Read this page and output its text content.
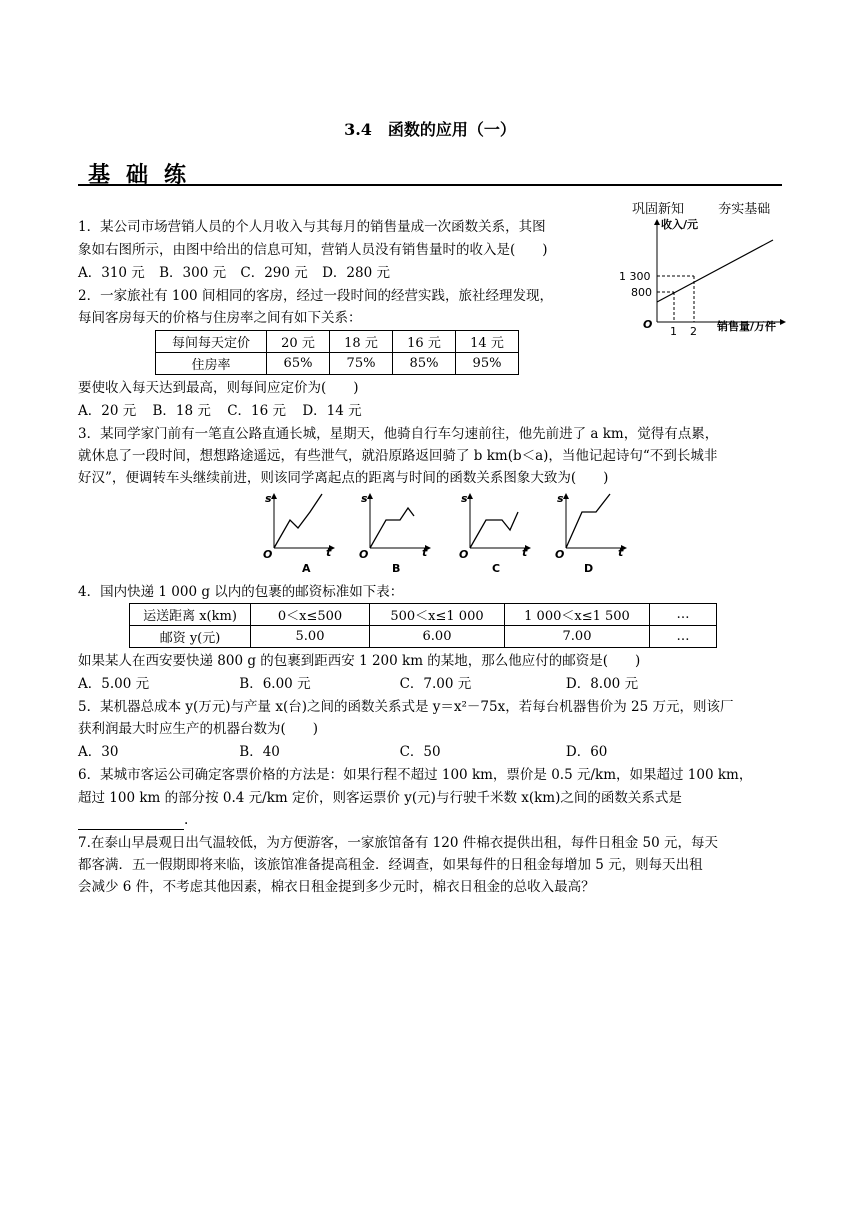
3.4　函数的应用（一）
基础练
巩固新知	夯实基础
收入/元
销售量/万件
O
1 300
800
1 2
1．某公司市场营销人员的个人月收入与其每月的销售量成一次函数关系，其图
象如右图所示，由图中给出的信息可知，营销人员没有销售量时的收入是(　　)
A．310 元 B．300 元 C．290 元 D．280 元
2．一家旅社有 100 间相同的客房，经过一段时间的经营实践，旅社经理发现，
每间客房每天的价格与住房率之间有如下关系：
每间每天定价	20 元	18 元	16 元	14 元
住房率	65%	75%	85%	95%
要使收入每天达到最高，则每间应定价为(　　)
A．20 元 B．18 元 C．16 元 D．14 元
3．某同学家门前有一笔直公路直通长城，星期天，他骑自行车匀速前往，他先前进了 a km，觉得有点累，
就休息了一段时间，想想路途遥远，有些泄气，就沿原路返回骑了 b km(b＜a)，当他记起诗句“不到长城非
好汉”，便调转车头继续前进，则该同学离起点的距离与时间的函数关系图象大致为(　　)
s
t
O
A
s
t
O
B
s
t
O
C
s
t
O
D
4．国内快递 1 000 g 以内的包裹的邮资标准如下表：
运送距离 x(km)	0＜x≤500	500＜x≤1 000	1 000＜x≤1 500	…
邮资 y(元)	5.00	6.00	7.00	…
如果某人在西安要快递 800 g 的包裹到距西安 1 200 km 的某地，那么他应付的邮资是(　　)
A．5.00 元	B．6.00 元	C．7.00 元	D．8.00 元
5．某机器总成本 y(万元)与产量 x(台)之间的函数关系式是 y＝x²－75x，若每台机器售价为 25 万元，则该厂
获利润最大时应生产的机器台数为(　　)
A．30	B．40	C．50	D．60
6．某城市客运公司确定客票价格的方法是：如果行程不超过 100 km，票价是 0.5 元/km，如果超过 100 km，
超过 100 km 的部分按 0.4 元/km 定价，则客运票价 y(元)与行驶千米数 x(km)之间的函数关系式是
.
7.在泰山早晨观日出气温较低，为方便游客，一家旅馆备有 120 件棉衣提供出租，每件日租金 50 元，每天
都客满．五一假期即将来临，该旅馆准备提高租金．经调查，如果每件的日租金每增加 5 元，则每天出租
会减少 6 件，不考虑其他因素，棉衣日租金提到多少元时，棉衣日租金的总收入最高？
